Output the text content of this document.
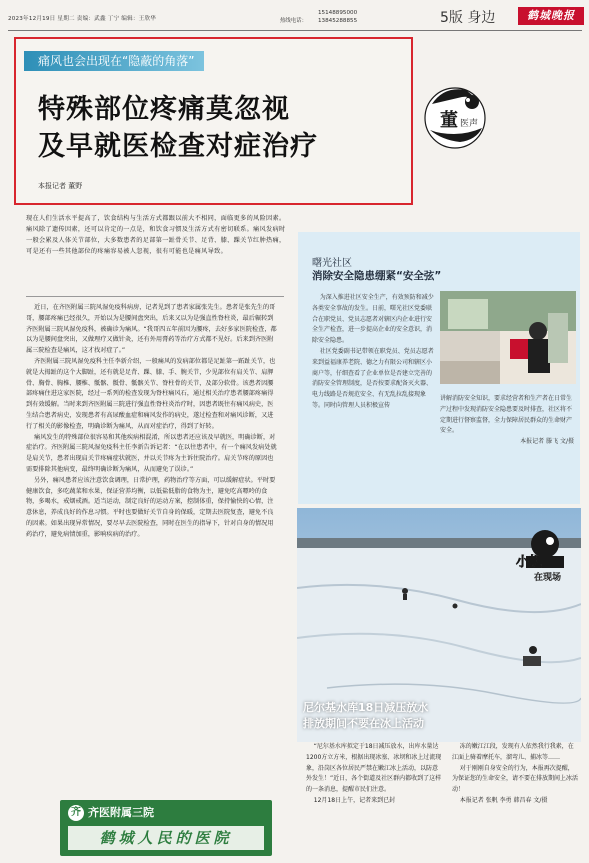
2023年12月19日 星期二 责编：武鑫 丁宁 编辑：王欣华	热线电话：
15148895000
13845288855	5版 身边	鹤城晚报
痛风也会出现在“隐蔽的角落”
特殊部位疼痛莫忽视
及早就医检查对症治疗
本报记者 董野
董 医声
现在人们生活水平提高了，饮食结构与生活方式都跟以前大不相同，面临更多的风险因素。痛风除了遗传因素，还可以肯定的一点是，和饮食习惯及生活方式有密切联系。痛风发病时一般会累及人体关节部位，大多数患者的足部第一趾骨关节、足背、膝、踝关节红肿热痛，可是还有一些其他部位的疼痛容易被人忽视，很有可能也是痛风导致。

近日，在齐医附属三院风湿免疫科病房，记者见到了患者家属张先生。患者是张先生的哥哥，腰部疼痛已经很久，开始以为是腰间盘突出，后来又以为是强直性脊柱炎，最后辗转到齐医附属三院风湿免疫科，被确诊为痛风。“我哥四五年前因为腰疼，去好多家医院检查，都以为是腰间盘突出，又做理疗又做针灸，还有外用膏药等治疗方式都不见好。后来到齐医附属三院检查是痛风，这才找对症了。”

齐医附属三院风湿免疫科主任李新介绍，一般痛风的发病部位都是足趾第一跖趾关节，也就是大拇趾的这个大脚趾，还有就是足背、踝、膝、手、腕关节，少见部位有肩关节、肩胛骨、胸骨、胸椎、腰椎、骶髂、骶骨、骶髂关节、脊柱骨的关节，及部分软骨。该患者因腰部疼痛住进这家医院，经过一系列的检查发现为脊柱痛风石，通过相关治疗患者腰部疼痛得到有效缓解。当时来到齐医附属三院进行强直性脊柱炎治疗时，因患者既往有痛风病史，医生结合患者病史，发现患者有高尿酸血症和痛风发作的病史，遂过检查和对痛风诊断，又进行了相关的影像检查，明确诊断为痛风，从而对症治疗，得到了好转。

痛风发生的特殊部位很容易和其他疾病相混淆，所以患者还应该及早就医，明确诊断，对症治疗。齐医附属三院风湿免疫科主任李新告诉记者：“在以往患者中，有一个痛风发病处就是肩关节，患者出现肩关节疼痛症状就医，并以关节疼为主诉住院治疗。肩关节疼的原因也需要排除其他病变，最终明确诊断为痛风，从而避免了误诊。”

另外，痛风患者应该注意饮食调理，日常护理，药物治疗等方面，可以缓解症状。平时要健康饮食，多吃蔬菜和水果，保证营养均衡，以低盐低脂的食物为主，避免吃高嘌呤的食物，多喝水，戒烟戒酒。适当运动，制定良好的运动方案，控制体重，保持愉快的心情，注意休息，养成良好的作息习惯。平时也要做好关节自身的保暖，定期去医院复查，避免不良的因素。如果出现异常情况，要尽早去医院检查，同时在医生的指导下，针对自身的情况用药治疗，避免病情加重，影响疾病的治疗。

齐 齐医附属三院
鹤城人民的医院
曙光社区
消除安全隐患绷紧“安全弦”

为深入推进社区安全生产，有效预防和减少各类安全事故的发生。日前，曙光社区党委联合在职党员、党员志愿者对辖区内企业进行安全生产检查，进一步提高企业的安全意识，消除安全隐患。

社区党委副书记带领在职党员、党员志愿者来到益福康养老院、德之力有限公司和辖区小商户等，仔细查看了企业单位是否建立完善的消防安全管理制度，是否按要求配备灭火器、电力线路是否规范安全、有无乱拉乱接现象等。同时向管理人员积极宣传

讲解消防安全知识，要求经营者和生产者在日常生产过程中发现消防安全隐患要及时排查，社区将不定期进行督察监督，全力保障居民群众的生命财产安全。

本报记者 滕飞 文/摄

尼尔基水库18日减压放水
排放期间不要在冰上活动
小帆
在现场

“尼尔基水库拟定于18日减压放水，出库水量达1200方立方米，根据出现冰塞、冰坝和冰上过流现象，沿岗区各位居民严禁在嫩江冰上活动，以防意外发生！”近日，各个街道及社区群内都收到了这样的一条消息，提醒市民们注意。

12月18日上午，记者来到已封

冻的嫩江江段，发现有人依然我行我素，在江面上骑着摩托车，溜弯儿、捕冰等……

对于刚刚自身安全的行为，本报再次提醒，为保证您的生命安全，请不要在排放期间上冰活动！

本报记者 张帆 李勇 韩昌春 文/摄
